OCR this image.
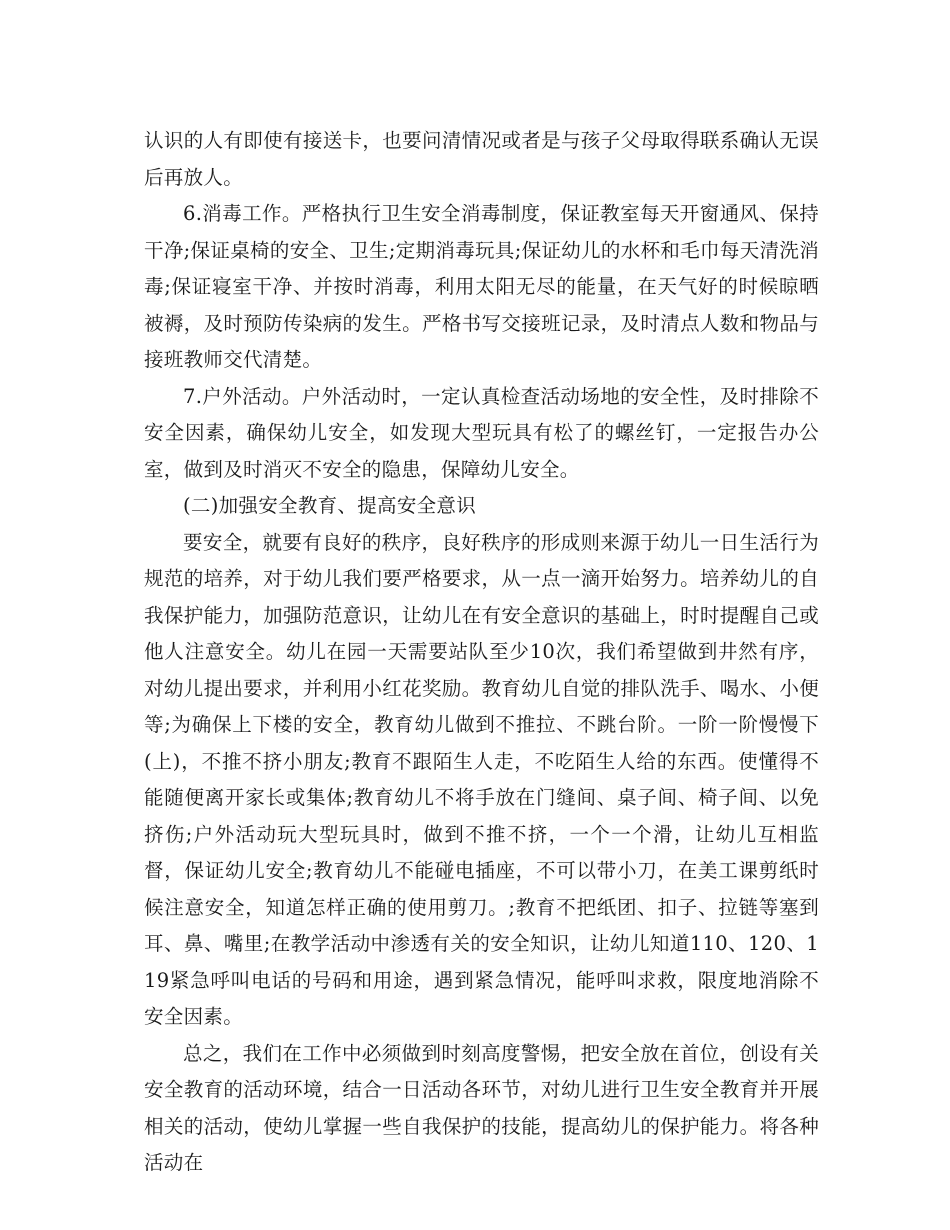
认识的人有即使有接送卡，也要问清情况或者是与孩子父母取得联系确认无误后再放人。

6.消毒工作。严格执行卫生安全消毒制度，保证教室每天开窗通风、保持干净;保证桌椅的安全、卫生;定期消毒玩具;保证幼儿的水杯和毛巾每天清洗消毒;保证寝室干净、并按时消毒，利用太阳无尽的能量，在天气好的时候晾晒被褥，及时预防传染病的发生。严格书写交接班记录，及时清点人数和物品与接班教师交代清楚。

7.户外活动。户外活动时，一定认真检查活动场地的安全性，及时排除不安全因素，确保幼儿安全，如发现大型玩具有松了的螺丝钉，一定报告办公室，做到及时消灭不安全的隐患，保障幼儿安全。

(二)加强安全教育、提高安全意识

要安全，就要有良好的秩序，良好秩序的形成则来源于幼儿一日生活行为规范的培养，对于幼儿我们要严格要求，从一点一滴开始努力。培养幼儿的自我保护能力，加强防范意识，让幼儿在有安全意识的基础上，时时提醒自己或他人注意安全。幼儿在园一天需要站队至少10次，我们希望做到井然有序，对幼儿提出要求，并利用小红花奖励。教育幼儿自觉的排队洗手、喝水、小便等;为确保上下楼的安全，教育幼儿做到不推拉、不跳台阶。一阶一阶慢慢下(上)，不推不挤小朋友;教育不跟陌生人走，不吃陌生人给的东西。使懂得不能随便离开家长或集体;教育幼儿不将手放在门缝间、桌子间、椅子间、以免挤伤;户外活动玩大型玩具时，做到不推不挤，一个一个滑，让幼儿互相监督，保证幼儿安全;教育幼儿不能碰电插座，不可以带小刀，在美工课剪纸时候注意安全，知道怎样正确的使用剪刀。;教育不把纸团、扣子、拉链等塞到耳、鼻、嘴里;在教学活动中渗透有关的安全知识，让幼儿知道110、120、119紧急呼叫电话的号码和用途，遇到紧急情况，能呼叫求救，限度地消除不安全因素。

总之，我们在工作中必须做到时刻高度警惕，把安全放在首位，创设有关安全教育的活动环境，结合一日活动各环节，对幼儿进行卫生安全教育并开展相关的活动，使幼儿掌握一些自我保护的技能，提高幼儿的保护能力。将各种活动在
